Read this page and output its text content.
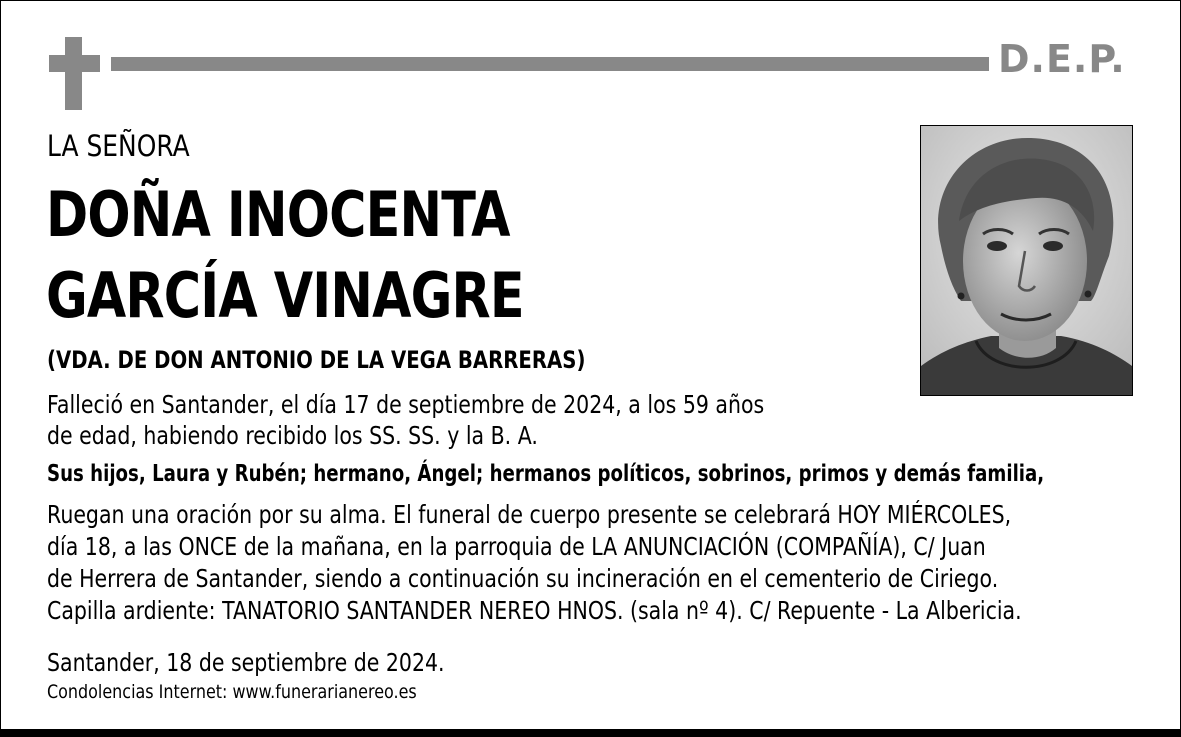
D.E.P.
LA SEÑORA
DOÑA INOCENTA
GARCÍA VINAGRE
(VDA. DE DON ANTONIO DE LA VEGA BARRERAS)
Falleció en Santander, el día 17 de septiembre de 2024, a los 59 años
de edad, habiendo recibido los SS. SS. y la B. A.
Sus hijos, Laura y Rubén; hermano, Ángel; hermanos políticos, sobrinos, primos y demás familia,
Ruegan una oración por su alma. El funeral de cuerpo presente se celebrará HOY MIÉRCOLES,
día 18, a las ONCE de la mañana, en la parroquia de LA ANUNCIACIÓN (COMPAÑÍA), C/ Juan
de Herrera de Santander, siendo a continuación su incineración en el cementerio de Ciriego.
Capilla ardiente: TANATORIO SANTANDER NEREO HNOS. (sala nº 4). C/ Repuente - La Albericia.
Santander, 18 de septiembre de 2024.
Condolencias Internet: www.funerarianereo.es
